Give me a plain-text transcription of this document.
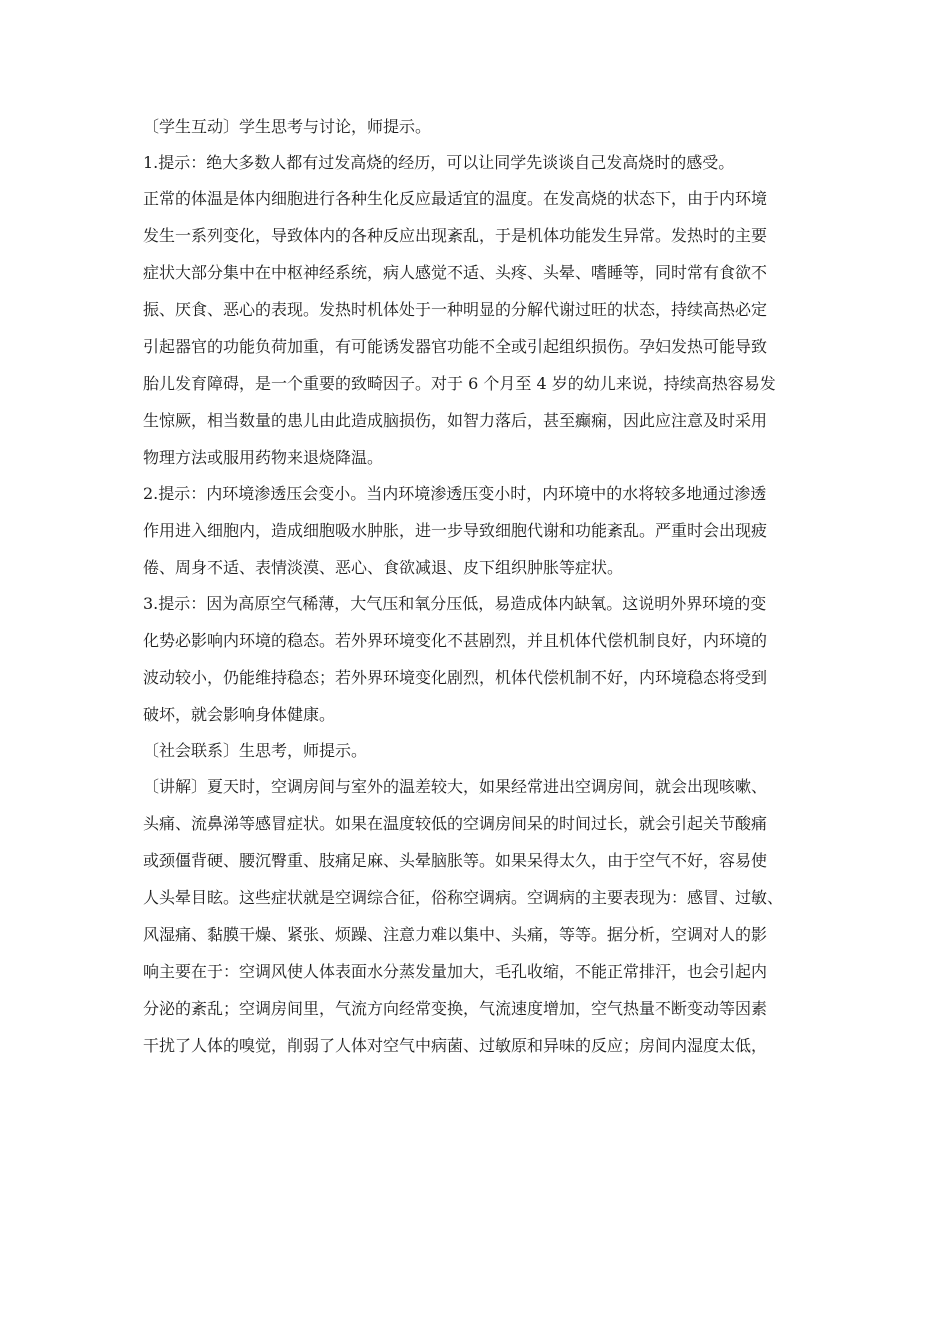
〔学生互动〕学生思考与讨论，师提示。

1.提示：绝大多数人都有过发高烧的经历，可以让同学先谈谈自己发高烧时的感受。

正常的体温是体内细胞进行各种生化反应最适宜的温度。在发高烧的状态下，由于内环境

发生一系列变化，导致体内的各种反应出现紊乱，于是机体功能发生异常。发热时的主要

症状大部分集中在中枢神经系统，病人感觉不适、头疼、头晕、嗜睡等，同时常有食欲不

振、厌食、恶心的表现。发热时机体处于一种明显的分解代谢过旺的状态，持续高热必定

引起器官的功能负荷加重，有可能诱发器官功能不全或引起组织损伤。孕妇发热可能导致

胎儿发育障碍，是一个重要的致畸因子。对于 6 个月至 4 岁的幼儿来说，持续高热容易发

生惊厥，相当数量的患儿由此造成脑损伤，如智力落后，甚至癫痫，因此应注意及时采用

物理方法或服用药物来退烧降温。

2.提示：内环境渗透压会变小。当内环境渗透压变小时，内环境中的水将较多地通过渗透

作用进入细胞内，造成细胞吸水肿胀，进一步导致细胞代谢和功能紊乱。严重时会出现疲

倦、周身不适、表情淡漠、恶心、食欲减退、皮下组织肿胀等症状。

3.提示：因为高原空气稀薄，大气压和氧分压低，易造成体内缺氧。这说明外界环境的变

化势必影响内环境的稳态。若外界环境变化不甚剧烈，并且机体代偿机制良好，内环境的

波动较小，仍能维持稳态；若外界环境变化剧烈，机体代偿机制不好，内环境稳态将受到

破坏，就会影响身体健康。

〔社会联系〕生思考，师提示。

〔讲解〕夏天时，空调房间与室外的温差较大，如果经常进出空调房间，就会出现咳嗽、

头痛、流鼻涕等感冒症状。如果在温度较低的空调房间呆的时间过长，就会引起关节酸痛

或颈僵背硬、腰沉臀重、肢痛足麻、头晕脑胀等。如果呆得太久，由于空气不好，容易使

人头晕目眩。这些症状就是空调综合征，俗称空调病。空调病的主要表现为：感冒、过敏、

风湿痛、黏膜干燥、紧张、烦躁、注意力难以集中、头痛，等等。据分析，空调对人的影

响主要在于：空调风使人体表面水分蒸发量加大，毛孔收缩，不能正常排汗，也会引起内

分泌的紊乱；空调房间里，气流方向经常变换，气流速度增加，空气热量不断变动等因素

干扰了人体的嗅觉，削弱了人体对空气中病菌、过敏原和异味的反应；房间内湿度太低，
